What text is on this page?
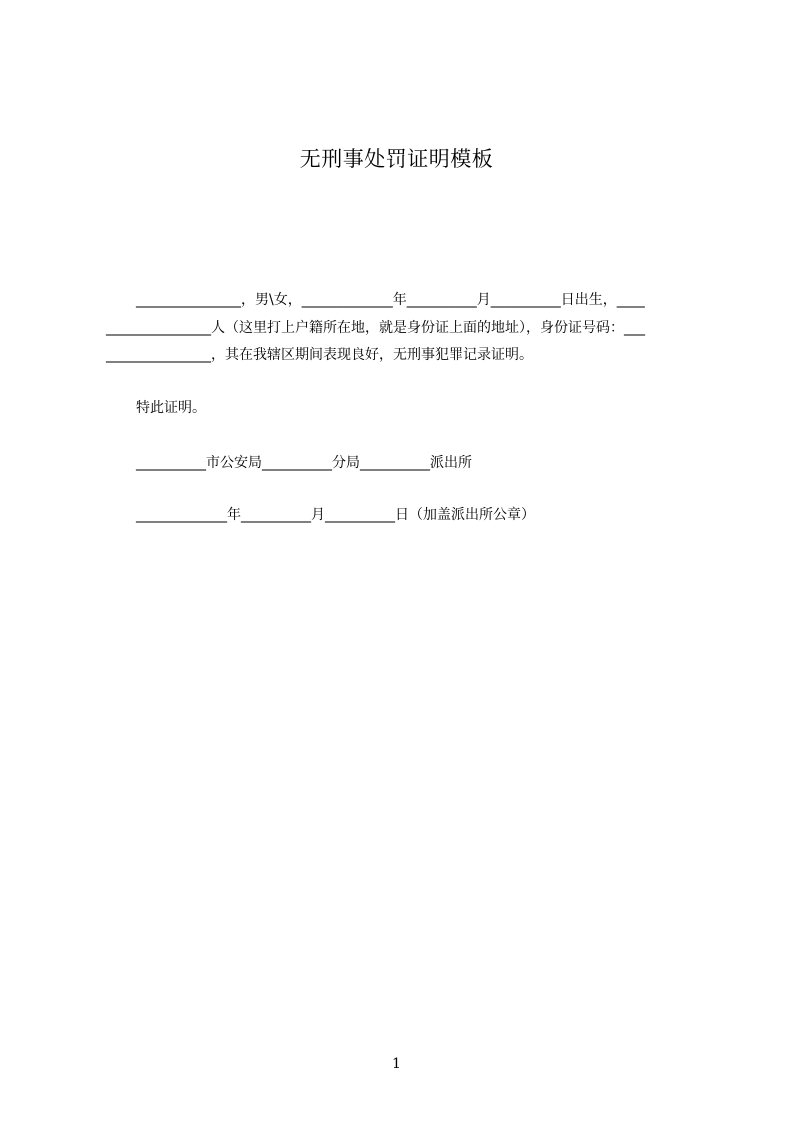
无刑事处罚证明模板
_______________，男\女，_____________年__________月__________日出生，____
_______________人（这里打上户籍所在地，就是身份证上面的地址），身份证号码：___
_______________，其在我辖区期间表现良好，无刑事犯罪记录证明。
特此证明。
__________市公安局__________分局__________派出所
_____________年__________月__________日（加盖派出所公章）
1
